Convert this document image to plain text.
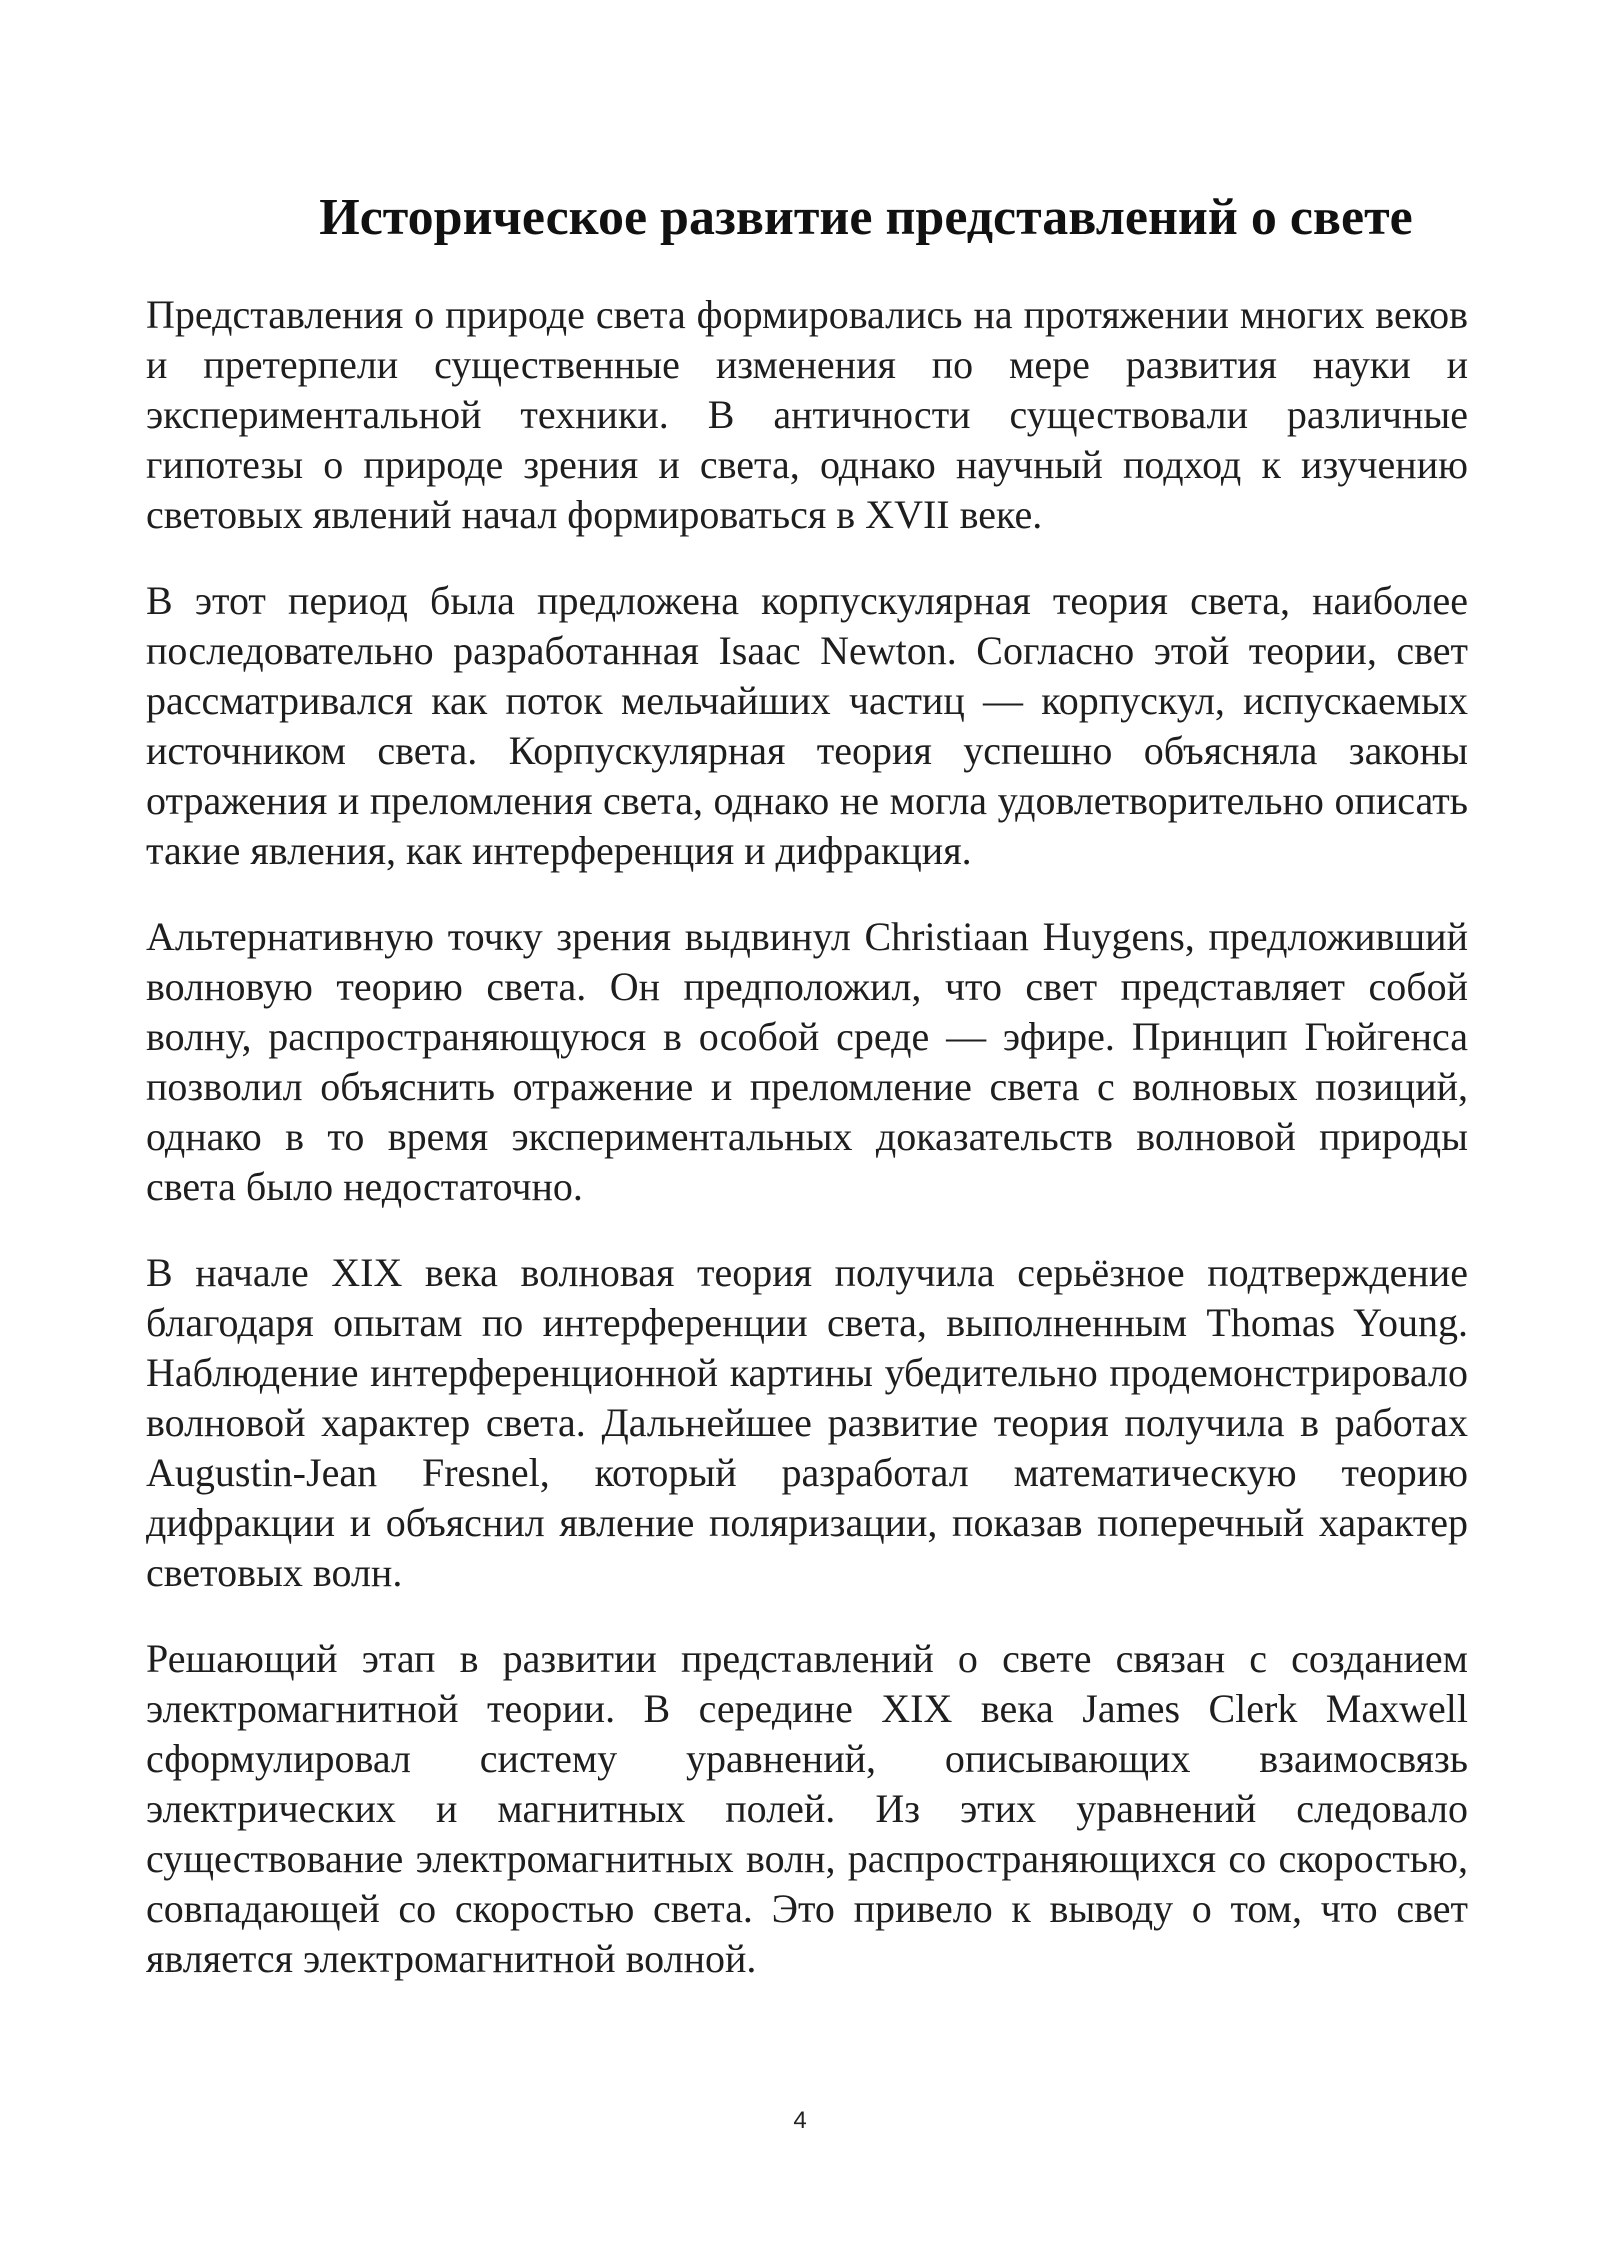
Историческое развитие представлений о свете

Представления о природе света формировались на протяжении многих веков и претерпели существенные изменения по мере развития науки и экспериментальной техники. В античности существовали различные гипотезы о природе зрения и света, однако научный подход к изучению световых явлений начал формироваться в XVII веке.

В этот период была предложена корпускулярная теория света, наиболее последовательно разработанная Isaac Newton. Согласно этой теории, свет рассматривался как поток мельчайших частиц — корпускул, испускаемых источником света. Корпускулярная теория успешно объясняла законы отражения и преломления света, однако не могла удовлетворительно описать такие явления, как интерференция и дифракция.

Альтернативную точку зрения выдвинул Christiaan Huygens, предложивший волновую теорию света. Он предположил, что свет представляет собой волну, распространяющуюся в особой среде — эфире. Принцип Гюйгенса позволил объяснить отражение и преломление света с волновых позиций, однако в то время экспериментальных доказательств волновой природы света было недостаточно.

В начале XIX века волновая теория получила серьёзное подтверждение благодаря опытам по интерференции света, выполненным Thomas Young. Наблюдение интерференционной картины убедительно продемонстрировало волновой характер света. Дальнейшее развитие теория получила в работах Augustin-Jean Fresnel, который разработал математическую теорию дифракции и объяснил явление поляризации, показав поперечный характер световых волн.

Решающий этап в развитии представлений о свете связан с созданием электромагнитной теории. В середине XIX века James Clerk Maxwell сформулировал систему уравнений, описывающих взаимосвязь электрических и магнитных полей. Из этих уравнений следовало существование электромагнитных волн, распространяющихся со скоростью, совпадающей со скоростью света. Это привело к выводу о том, что свет является электромагнитной волной.

4
